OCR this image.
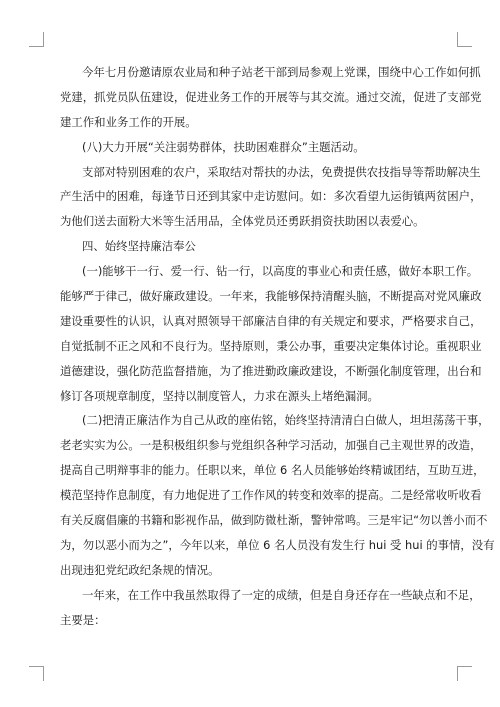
今年七月份邀请原农业局和种子站老干部到局参观上党课，围绕中心工作如何抓
党建，抓党员队伍建设，促进业务工作的开展等与其交流。通过交流，促进了支部党
建工作和业务工作的开展。
(八)大力开展“关注弱势群体，扶助困难群众”主题活动。
支部对特别困难的农户，采取结对帮扶的办法，免费提供农技指导等帮助解决生
产生活中的困难，每逢节日还到其家中走访慰问。如：多次看望九运街镇两贫困户，
为他们送去面粉大米等生活用品，全体党员还勇跃捐资扶助困以表爱心。
四、始终坚持廉洁奉公
(一)能够干一行、爱一行、钻一行，以高度的事业心和责任感，做好本职工作。
能够严于律己，做好廉政建设。一年来，我能够保持清醒头脑，不断提高对党风廉政
建设重要性的认识，认真对照领导干部廉洁自律的有关规定和要求，严格要求自己，
自觉抵制不正之风和不良行为。坚持原则，秉公办事，重要决定集体讨论。重视职业
道德建设，强化防范监督措施，为了推进勤政廉政建设，不断强化制度管理，出台和
修订各项规章制度，坚持以制度管人，力求在源头上堵绝漏洞。
(二)把清正廉洁作为自己从政的座佑铭，始终坚持清清白白做人，坦坦荡荡干事，
老老实实为公。一是积极组织参与党组织各种学习活动，加强自己主观世界的改造，
提高自己明辩事非的能力。任职以来，单位 6 名人员能够始终精诚团结，互助互进，
模范坚持作息制度，有力地促进了工作作风的转变和效率的提高。二是经常收听收看
有关反腐倡廉的书籍和影视作品，做到防微杜渐，警钟常鸣。三是牢记“勿以善小而不
为，勿以恶小而为之”，今年以来，单位 6 名人员没有发生行 hui 受 hui 的事情，没有
出现违犯党纪政纪条规的情况。
一年来，在工作中我虽然取得了一定的成绩，但是自身还存在一些缺点和不足，
主要是：
